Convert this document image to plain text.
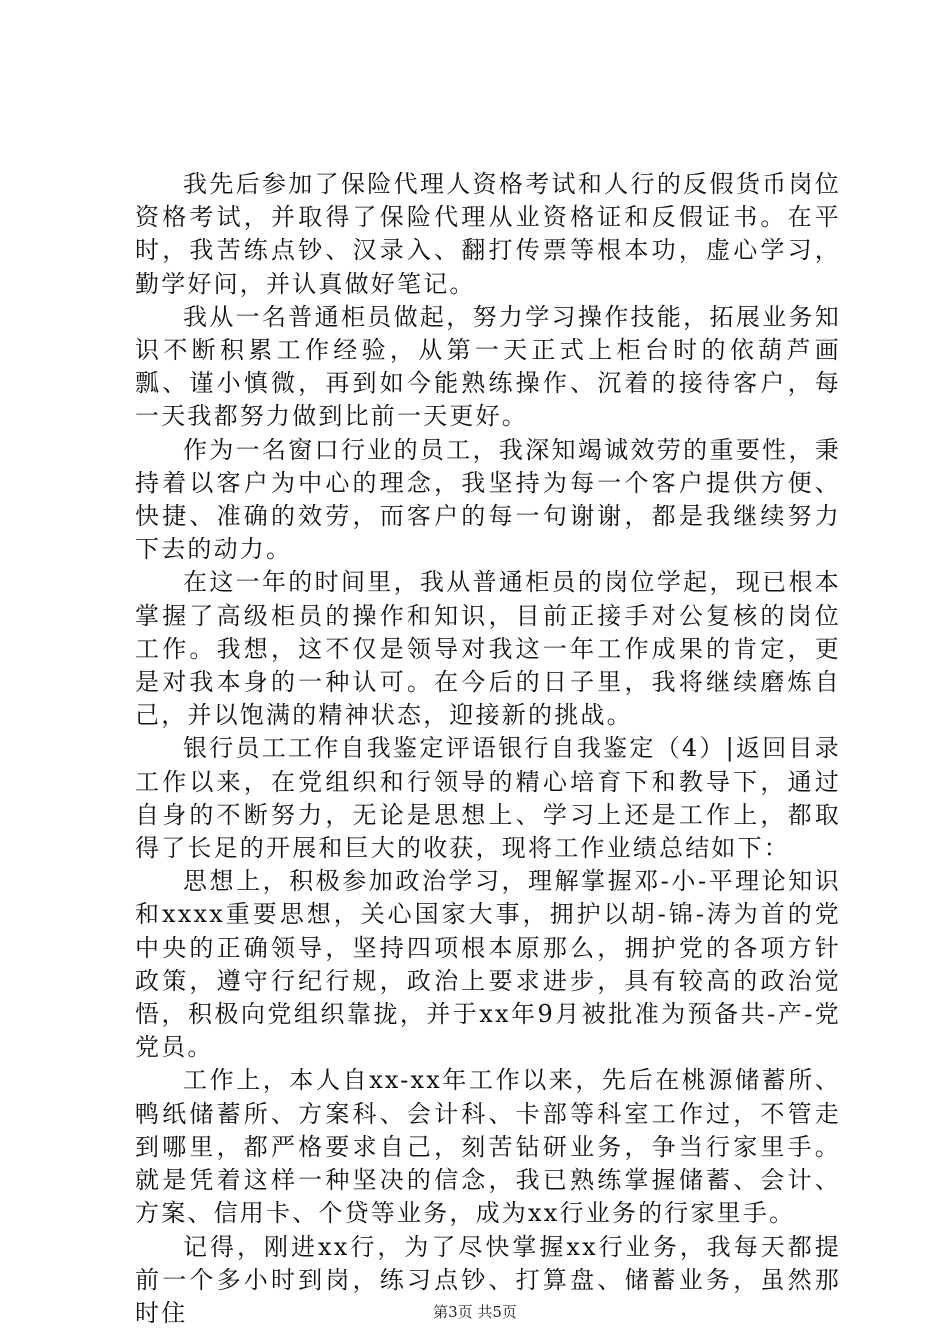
我先后参加了保险代理人资格考试和人行的反假货币岗位资格考试，并取得了保险代理从业资格证和反假证书。在平时，我苦练点钞、汉录入、翻打传票等根本功，虚心学习，勤学好问，并认真做好笔记。

我从一名普通柜员做起，努力学习操作技能，拓展业务知识不断积累工作经验，从第一天正式上柜台时的依葫芦画瓢、谨小慎微，再到如今能熟练操作、沉着的接待客户，每一天我都努力做到比前一天更好。

作为一名窗口行业的员工，我深知竭诚效劳的重要性，秉持着以客户为中心的理念，我坚持为每一个客户提供方便、快捷、准确的效劳，而客户的每一句谢谢，都是我继续努力下去的动力。

在这一年的时间里，我从普通柜员的岗位学起，现已根本掌握了高级柜员的操作和知识，目前正接手对公复核的岗位工作。我想，这不仅是领导对我这一年工作成果的肯定，更是对我本身的一种认可。在今后的日子里，我将继续磨炼自己，并以饱满的精神状态，迎接新的挑战。

银行员工工作自我鉴定评语银行自我鉴定（4）|返回目录工作以来，在党组织和行领导的精心培育下和教导下，通过自身的不断努力，无论是思想上、学习上还是工作上，都取得了长足的开展和巨大的收获，现将工作业绩总结如下：

思想上，积极参加政治学习，理解掌握邓-小-平理论知识和xxxx重要思想，关心国家大事，拥护以胡-锦-涛为首的党中央的正确领导，坚持四项根本原那么，拥护党的各项方针政策，遵守行纪行规，政治上要求进步，具有较高的政治觉悟，积极向党组织靠拢，并于xx年9月被批准为预备共-产-党党员。

工作上，本人自xx-xx年工作以来，先后在桃源储蓄所、鸭纸储蓄所、方案科、会计科、卡部等科室工作过，不管走到哪里，都严格要求自己，刻苦钻研业务，争当行家里手。就是凭着这样一种坚决的信念，我已熟练掌握储蓄、会计、方案、信用卡、个贷等业务，成为xx行业务的行家里手。

记得，刚进xx行，为了尽快掌握xx行业务，我每天都提前一个多小时到岗，练习点钞、打算盘、储蓄业务，虽然那时住	第3页 共5页
